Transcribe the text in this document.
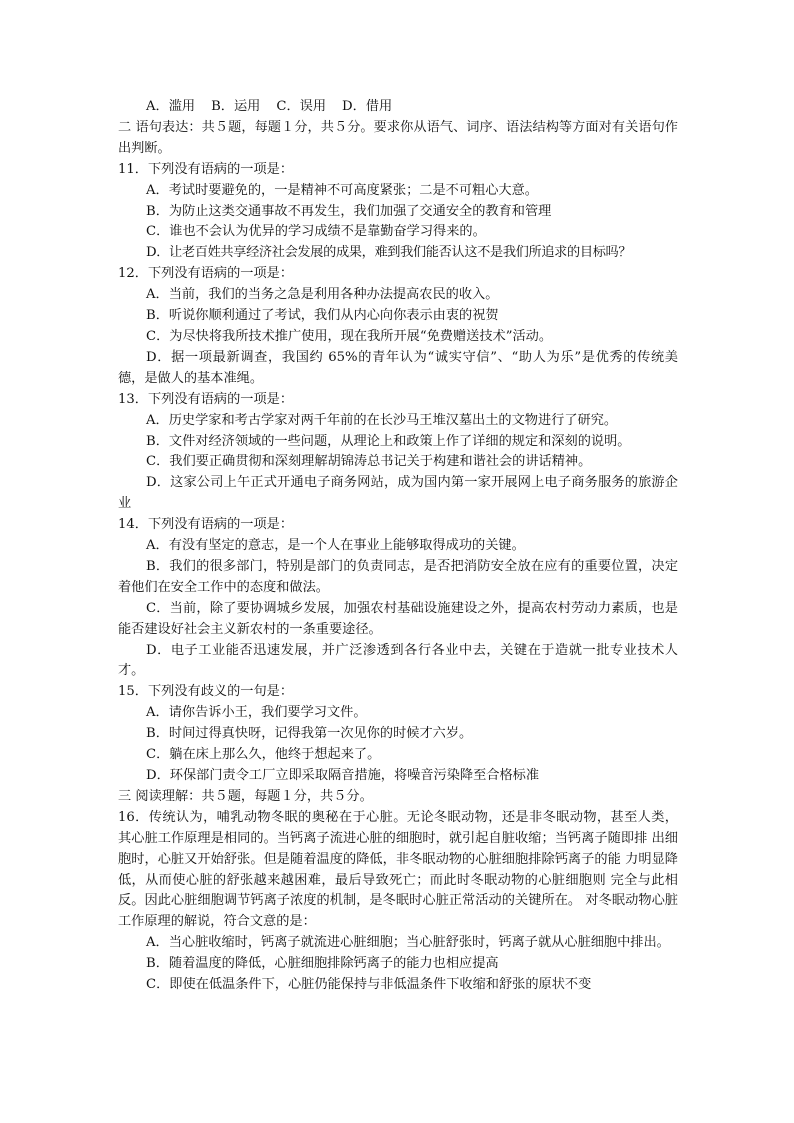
A．滥用 B．运用 C．误用 D．借用
二 语句表达：共５题，每题１分，共５分。要求你从语气、词序、语法结构等方面对有关语句作出判断。
11．下列没有语病的一项是：
A．考试时要避免的，一是精神不可高度紧张；二是不可粗心大意。
B．为防止这类交通事故不再发生，我们加强了交通安全的教育和管理
C．谁也不会认为优异的学习成绩不是靠勤奋学习得来的。
D．让老百姓共享经济社会发展的成果，难到我们能否认这不是我们所追求的目标吗？
12．下列没有语病的一项是：
A．当前，我们的当务之急是利用各种办法提高农民的收入。
B．听说你顺利通过了考试，我们从内心向你表示由衷的祝贺
C．为尽快将我所技术推广使用，现在我所开展“免费赠送技术”活动。
D．据一项最新调查，我国约 65%的青年认为“诚实守信”、“助人为乐”是优秀的传统美德，是做人的基本准绳。
13．下列没有语病的一项是：
A．历史学家和考古学家对两千年前的在长沙马王堆汉墓出土的文物进行了研究。
B．文件对经济领域的一些问题，从理论上和政策上作了详细的规定和深刻的说明。
C．我们要正确贯彻和深刻理解胡锦涛总书记关于构建和谐社会的讲话精神。
D．这家公司上午正式开通电子商务网站，成为国内第一家开展网上电子商务服务的旅游企 业
14．下列没有语病的一项是：
A．有没有坚定的意志，是一个人在事业上能够取得成功的关键。
B．我们的很多部门，特别是部门的负责同志，是否把消防安全放在应有的重要位置，决定着他们在安全工作中的态度和做法。
C．当前，除了要协调城乡发展，加强农村基础设施建设之外，提高农村劳动力素质，也是能否建设好社会主义新农村的一条重要途径。
D．电子工业能否迅速发展，并广泛渗透到各行各业中去，关键在于造就一批专业技术人才。
15．下列没有歧义的一句是：
A．请你告诉小王，我们要学习文件。
B．时间过得真快呀，记得我第一次见你的时候才六岁。
C．躺在床上那么久，他终于想起来了。
D．环保部门责令工厂立即采取隔音措施，将噪音污染降至合格标准
三 阅读理解：共５题，每题１分，共５分。
16．传统认为，哺乳动物冬眠的奥秘在于心脏。无论冬眠动物，还是非冬眠动物，甚至人类， 其心脏工作原理是相同的。当钙离子流进心脏的细胞时，就引起自脏收缩；当钙离子随即排 出细胞时，心脏又开始舒张。但是随着温度的降低，非冬眠动物的心脏细胞排除钙离子的能 力明显降低，从而使心脏的舒张越来越困难，最后导致死亡；而此时冬眠动物的心脏细胞则 完全与此相反。因此心脏细胞调节钙离子浓度的机制，是冬眠时心脏正常活动的关键所在。 对冬眠动物心脏工作原理的解说，符合文意的是：
A．当心脏收缩时，钙离子就流进心脏细胞；当心脏舒张时，钙离子就从心脏细胞中排出。
B．随着温度的降低，心脏细胞排除钙离子的能力也相应提高
C．即使在低温条件下，心脏仍能保持与非低温条件下收缩和舒张的原状不变
